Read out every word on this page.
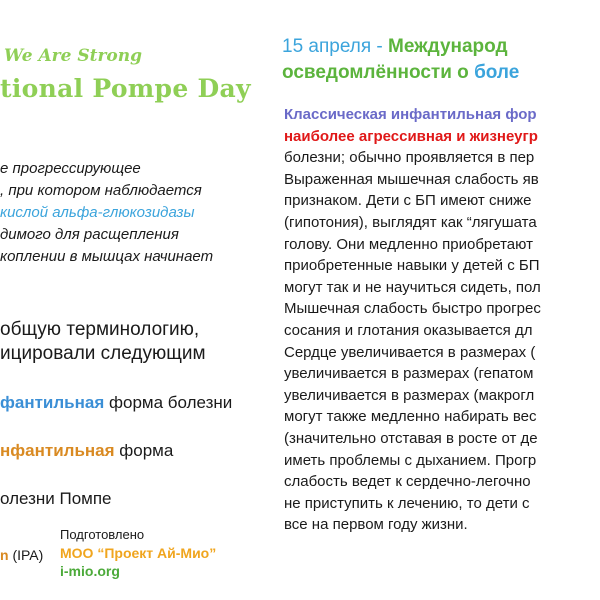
We Are Strong
tional Pompe Day
е прогрессирующее
, при котором наблюдается
кислой альфа-глюкозидазы
димого для расщепления
коплении в мышцах начинает
общую терминологию,
ицировали следующим
фантильная форма болезни
нфантильная форма
олезни Помпе
n (IPA)
Подготовлено
МОО “Проект Ай-Мио”
i-mio.org
15 апреля - Международ
осведомлённости о боле
Классическая инфантильная фор
наиболее агрессивная и жизнеугр
болезни; обычно проявляется в пер
Выраженная мышечная слабость яв
признаком. Дети с БП имеют сниже
(гипотония), выглядят как “лягушата
голову. Они медленно приобретают
приобретенные навыки у детей с БП
могут так и не научиться сидеть, пол
Мышечная слабость быстро прогрес
сосания и глотания оказывается дл
Сердце увеличивается в размерах (
увеличивается в размерах (гепатом
увеличивается в размерах (макрогл
могут также медленно набирать вес
(значительно отставая в росте от де
иметь проблемы с дыханием. Прогр
слабость ведет к сердечно-легочно
не приступить к лечению, то дети с
все на первом году жизни.
